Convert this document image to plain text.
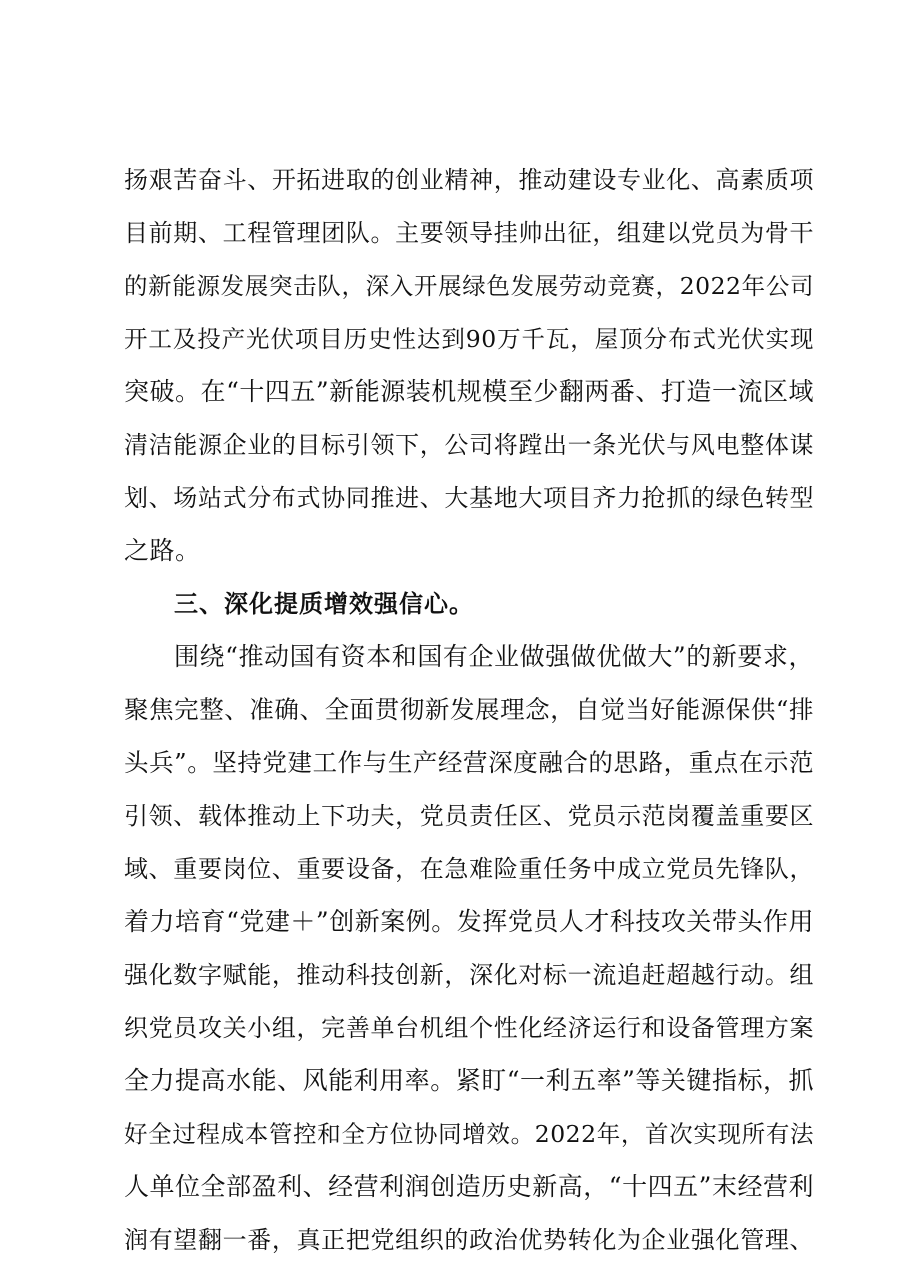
扬艰苦奋斗、开拓进取的创业精神，推动建设专业化、高素质项
目前期、工程管理团队。主要领导挂帅出征，组建以党员为骨干
的新能源发展突击队，深入开展绿色发展劳动竞赛，2022年公司
开工及投产光伏项目历史性达到90万千瓦，屋顶分布式光伏实现
突破。在“十四五”新能源装机规模至少翻两番、打造一流区域
清洁能源企业的目标引领下，公司将蹚出一条光伏与风电整体谋
划、场站式分布式协同推进、大基地大项目齐力抢抓的绿色转型
之路。
三、深化提质增效强信心。
围绕“推动国有资本和国有企业做强做优做大”的新要求，
聚焦完整、准确、全面贯彻新发展理念，自觉当好能源保供“排
头兵”。坚持党建工作与生产经营深度融合的思路，重点在示范
引领、载体推动上下功夫，党员责任区、党员示范岗覆盖重要区
域、重要岗位、重要设备，在急难险重任务中成立党员先锋队，
着力培育“党建＋”创新案例。发挥党员人才科技攻关带头作用
强化数字赋能，推动科技创新，深化对标一流追赶超越行动。组
织党员攻关小组，完善单台机组个性化经济运行和设备管理方案
全力提高水能、风能利用率。紧盯“一利五率”等关键指标，抓
好全过程成本管控和全方位协同增效。2022年，首次实现所有法
人单位全部盈利、经营利润创造历史新高，“十四五”末经营利
润有望翻一番，真正把党组织的政治优势转化为企业强化管理、
